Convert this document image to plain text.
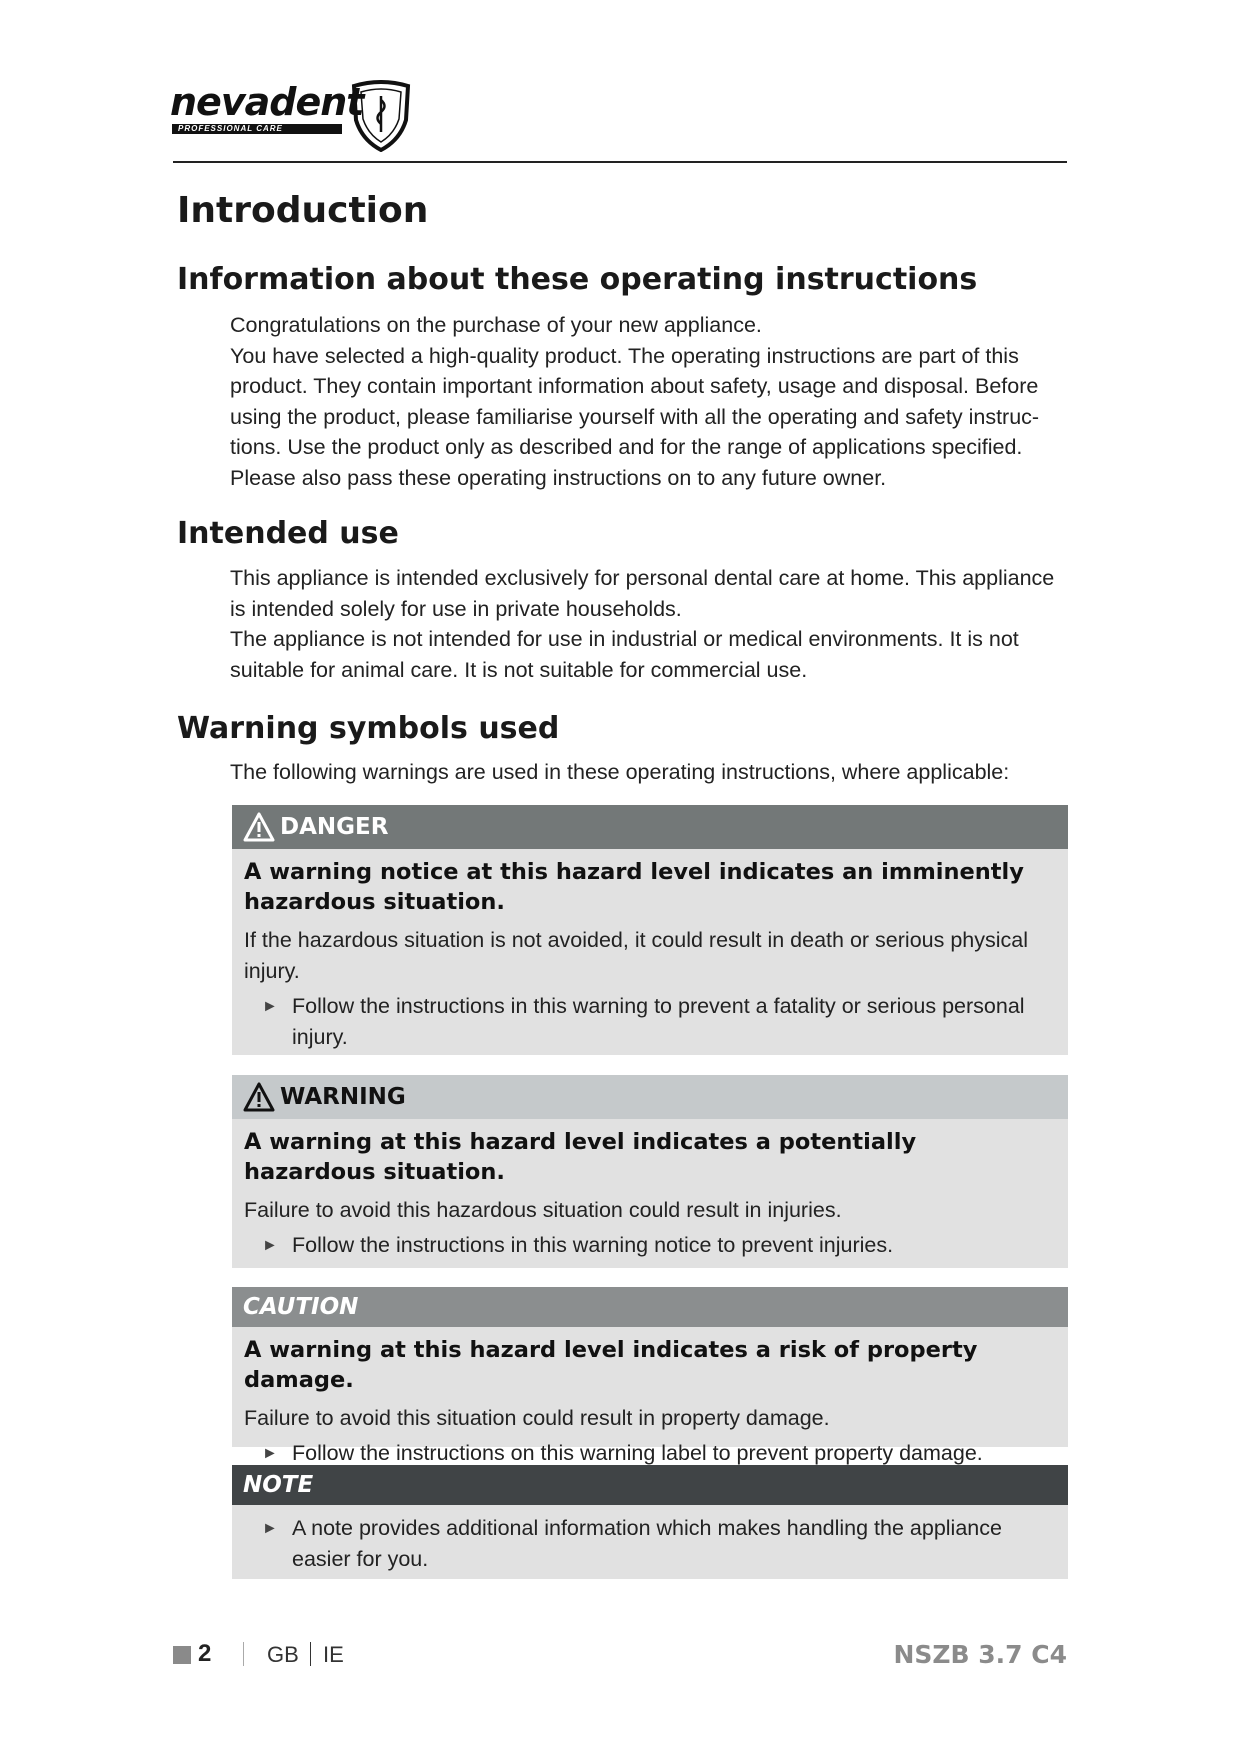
nevadent
PROFESSIONAL CARE
Introduction
Information about these operating instructions

Congratulations on the purchase of your new appliance.

You have selected a high-quality product. The operating instructions are part of this product. They contain important information about safety, usage and disposal. Before using the product, please familiarise yourself with all the operating and safety instruc-tions. Use the product only as described and for the range of applications specified. Please also pass these operating instructions on to any future owner.

Intended use

This appliance is intended exclusively for personal dental care at home. This appliance is intended solely for use in private households.

The appliance is not intended for use in industrial or medical environments. It is not suitable for animal care. It is not suitable for commercial use.

Warning symbols used

The following warnings are used in these operating instructions, where applicable:

DANGER

A warning notice at this hazard level indicates an imminently hazardous situation.

If the hazardous situation is not avoided, it could result in death or serious physical injury.

► Follow the instructions in this warning to prevent a fatality or serious personal injury.
WARNING

A warning at this hazard level indicates a potentially hazardous situation.

Failure to avoid this hazardous situation could result in injuries.

► Follow the instructions in this warning notice to prevent injuries.
CAUTION

A warning at this hazard level indicates a risk of property damage.

Failure to avoid this situation could result in property damage.

► Follow the instructions on this warning label to prevent property damage.
NOTE
► A note provides additional information which makes handling the appliance easier for you.
2	GB IE	NSZB 3.7 C4
